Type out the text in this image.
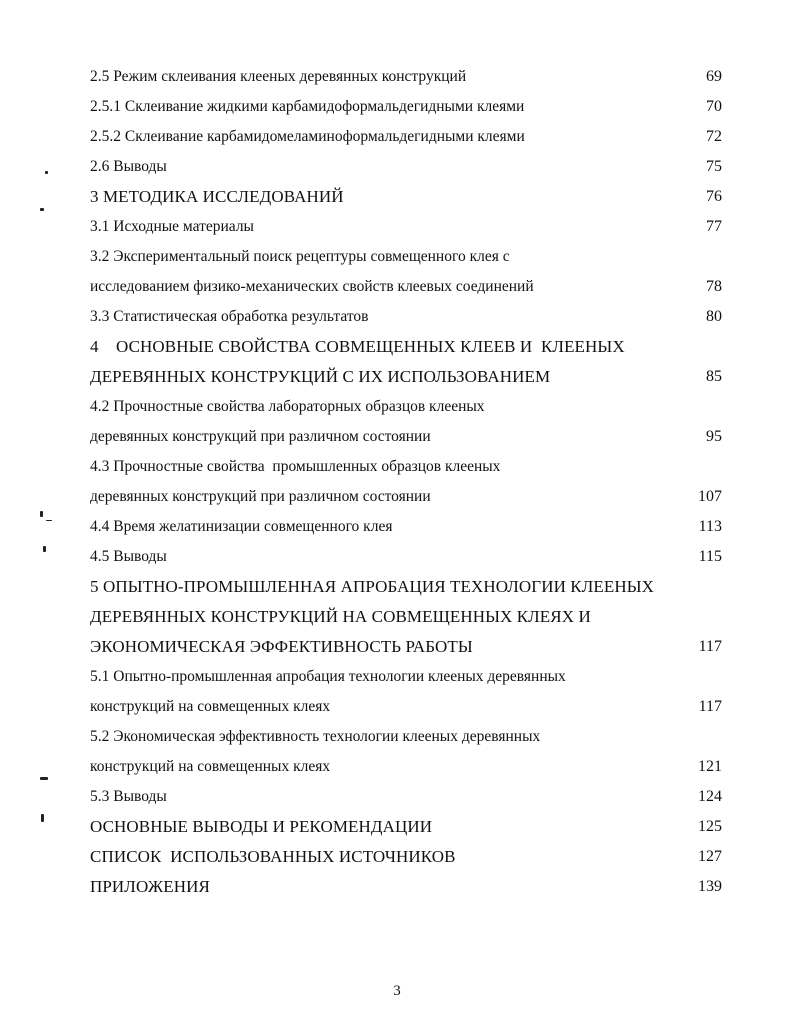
2.5 Режим склеивания клееных деревянных конструкций	69
2.5.1 Склеивание жидкими карбамидоформальдегидными клеями	70
2.5.2 Склеивание карбамидомеламиноформальдегидными клеями	72
2.6 Выводы	75
3 МЕТОДИКА ИССЛЕДОВАНИЙ	76
3.1 Исходные материалы	77
3.2 Экспериментальный поиск рецептуры совмещенного клея с
исследованием физико-механических свойств клеевых соединений	78
3.3 Статистическая обработка результатов	80
4    ОСНОВНЫЕ СВОЙСТВА СОВМЕЩЕННЫХ КЛЕЕВ И  КЛЕЕНЫХ
ДЕРЕВЯННЫХ КОНСТРУКЦИЙ С ИХ ИСПОЛЬЗОВАНИЕМ	85
4.2 Прочностные свойства лабораторных образцов клееных
деревянных конструкций при различном состоянии	95
4.3 Прочностные свойства  промышленных образцов клееных
деревянных конструкций при различном состоянии	107
4.4 Время желатинизации совмещенного клея	113
4.5 Выводы	115
5 ОПЫТНО-ПРОМЫШЛЕННАЯ АПРОБАЦИЯ ТЕХНОЛОГИИ КЛЕЕНЫХ
ДЕРЕВЯННЫХ КОНСТРУКЦИЙ НА СОВМЕЩЕННЫХ КЛЕЯХ И
ЭКОНОМИЧЕСКАЯ ЭФФЕКТИВНОСТЬ РАБОТЫ	117
5.1 Опытно-промышленная апробация технологии клееных деревянных
конструкций на совмещенных клеях	117
5.2 Экономическая эффективность технологии клееных деревянных
конструкций на совмещенных клеях	121
5.3 Выводы	124
ОСНОВНЫЕ ВЫВОДЫ И РЕКОМЕНДАЦИИ	125
СПИСОК  ИСПОЛЬЗОВАННЫХ ИСТОЧНИКОВ	127
ПРИЛОЖЕНИЯ	139
3
